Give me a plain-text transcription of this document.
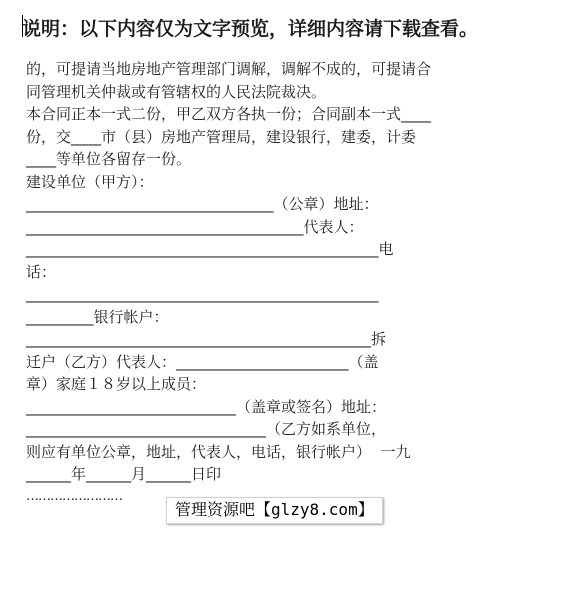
说明：以下内容仅为文字预览，详细内容请下载查看。
的，可提请当地房地产管理部门调解，调解不成的，可提请合
同管理机关仲裁或有管辖权的人民法院裁决。
本合同正本一式二份，甲乙双方各执一份；合同副本一式____
份，交____市（县）房地产管理局，建设银行，建委，计委
____等单位各留存一份。
建设单位（甲方）：
_________________________________（公章）地址：
_____________________________________代表人：
_______________________________________________电
话：
_______________________________________________
_________银行帐户：
______________________________________________拆
迁户（乙方）代表人：_______________________（盖
章）家庭１８岁以上成员：
____________________________（盖章或签名）地址：
________________________________（乙方如系单位，
则应有单位公章，地址，代表人，电话，银行帐户）  一九
______年______月______日印
……………………
管理资源吧【glzy8.com】
